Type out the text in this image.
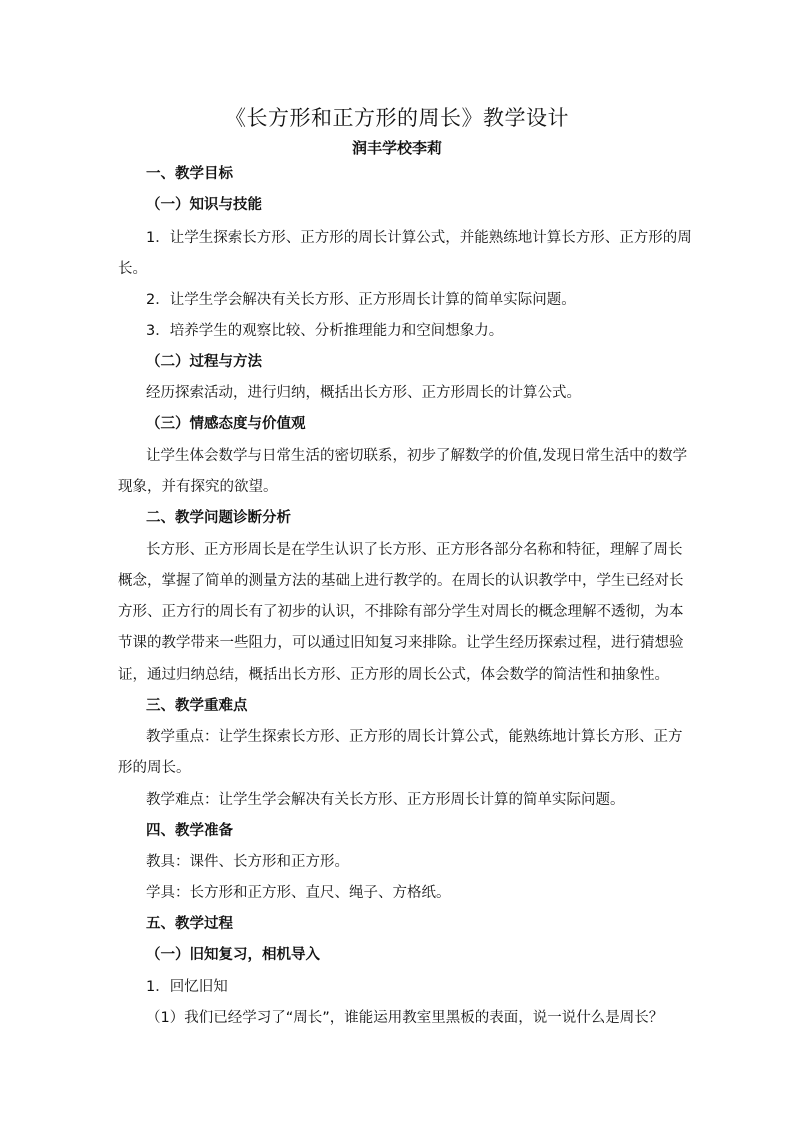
《长方形和正方形的周长》教学设计
润丰学校李莉
一、教学目标
（一）知识与技能
1．让学生探索长方形、正方形的周长计算公式，并能熟练地计算长方形、正方形的周
长。
2．让学生学会解决有关长方形、正方形周长计算的简单实际问题。
3．培养学生的观察比较、分析推理能力和空间想象力。
（二）过程与方法
经历探索活动，进行归纳，概括出长方形、正方形周长的计算公式。
（三）情感态度与价值观
让学生体会数学与日常生活的密切联系，初步了解数学的价值,发现日常生活中的数学
现象，并有探究的欲望。
二、教学问题诊断分析
长方形、正方形周长是在学生认识了长方形、正方形各部分名称和特征，理解了周长
概念，掌握了简单的测量方法的基础上进行教学的。在周长的认识教学中，学生已经对长
方形、正方行的周长有了初步的认识，不排除有部分学生对周长的概念理解不透彻，为本
节课的教学带来一些阻力，可以通过旧知复习来排除。让学生经历探索过程，进行猜想验
证，通过归纳总结，概括出长方形、正方形的周长公式，体会数学的简洁性和抽象性。
三、教学重难点
教学重点：让学生探索长方形、正方形的周长计算公式，能熟练地计算长方形、正方
形的周长。
教学难点：让学生学会解决有关长方形、正方形周长计算的简单实际问题。
四、教学准备
教具：课件、长方形和正方形。
学具：长方形和正方形、直尺、绳子、方格纸。
五、教学过程
（一）旧知复习，相机导入
1．回忆旧知
（1）我们已经学习了“周长”，谁能运用教室里黑板的表面，说一说什么是周长？
